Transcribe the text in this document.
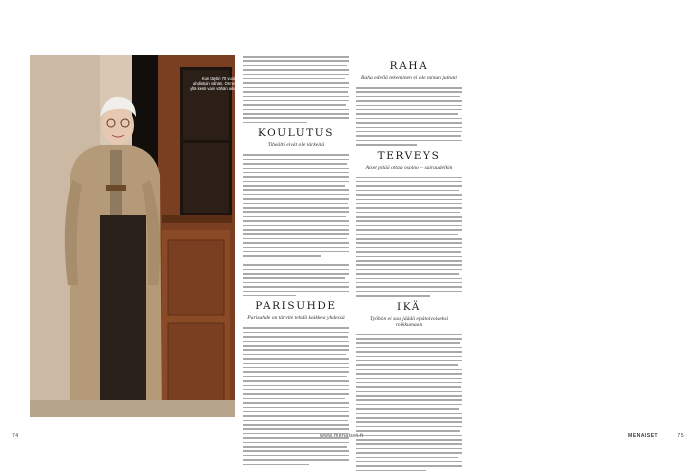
Kun täytin 70 vuotta, ahdistuin vähän. Onneksi yllä kesti vain vähän aikaa.
KOULUTUS
Tiheälti eivät ole tärkeitä
PARISUHDE
Parisuhde on tärvite tehdä kaikkea yhdessä
RAHA
Raha edellä tekeminen ei ole minun juttuni
TERVEYS
Aiset pitää ottaa osoino – sairaudelkin
IKÄ
Työhön ei saa jäädä epätoivoiseksi roikkumaan
74	www.menaiset.fi	MENAISET	75
